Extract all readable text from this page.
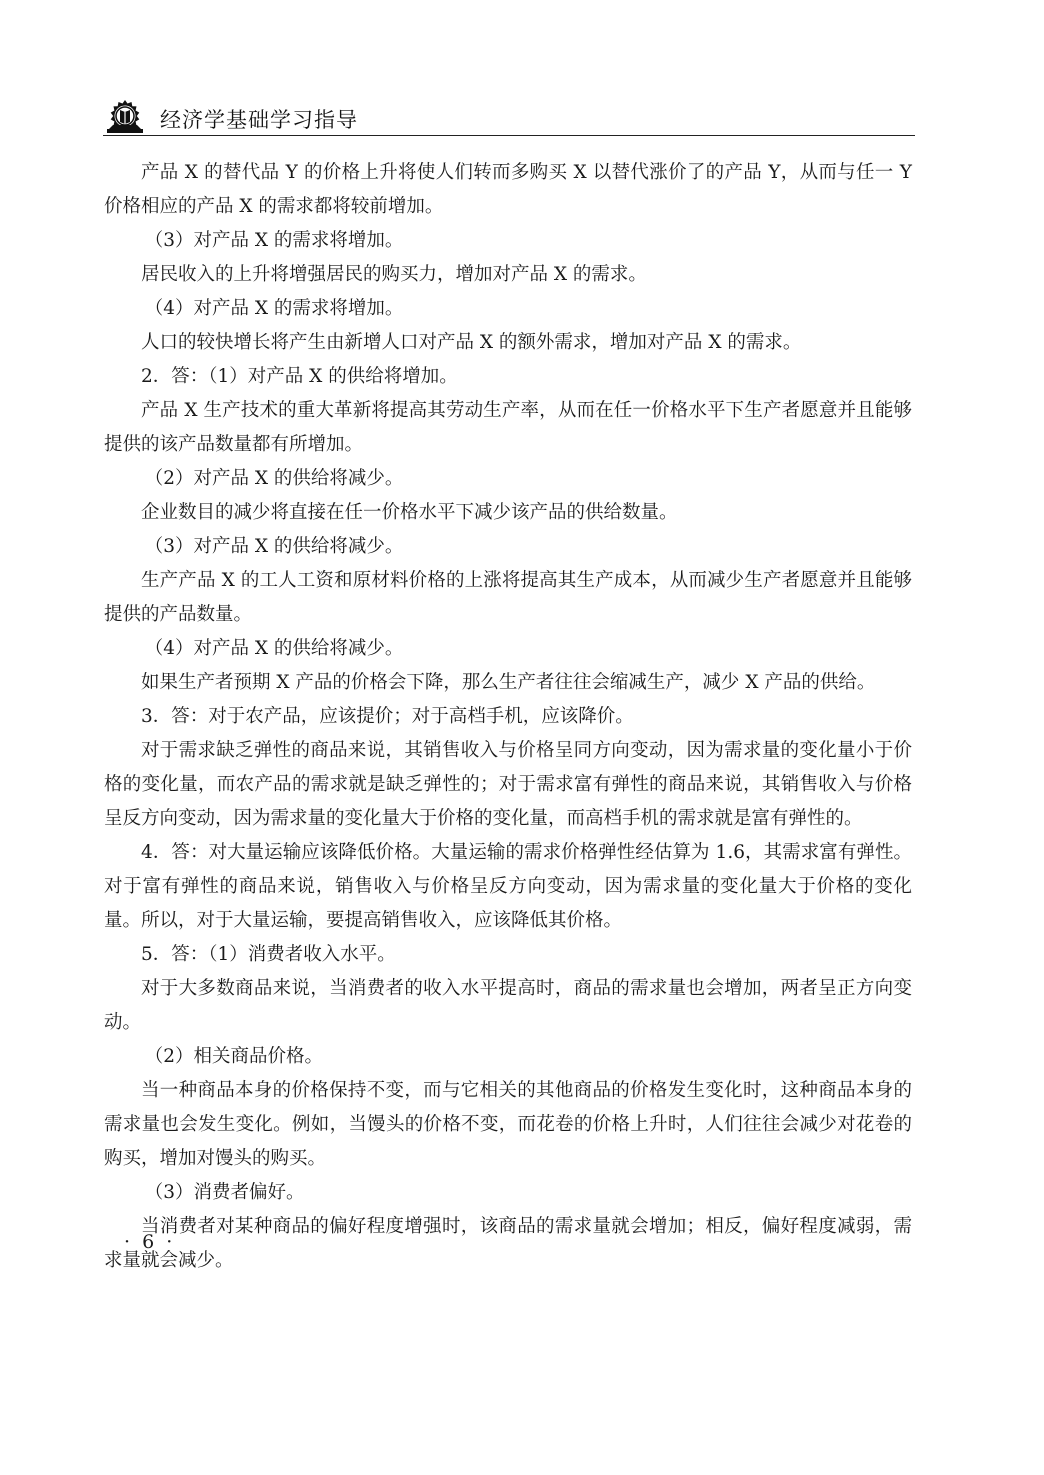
经济学基础学习指导

产品 X 的替代品 Y 的价格上升将使人们转而多购买 X 以替代涨价了的产品 Y，从而与任一 Y 价格相应的产品 X 的需求都将较前增加。

（3）对产品 X 的需求将增加。

居民收入的上升将增强居民的购买力，增加对产品 X 的需求。

（4）对产品 X 的需求将增加。

人口的较快增长将产生由新增人口对产品 X 的额外需求，增加对产品 X 的需求。

2．答：（1）对产品 X 的供给将增加。

产品 X 生产技术的重大革新将提高其劳动生产率，从而在任一价格水平下生产者愿意并且能够提供的该产品数量都有所增加。

（2）对产品 X 的供给将减少。

企业数目的减少将直接在任一价格水平下减少该产品的供给数量。

（3）对产品 X 的供给将减少。

生产产品 X 的工人工资和原材料价格的上涨将提高其生产成本，从而减少生产者愿意并且能够提供的产品数量。

（4）对产品 X 的供给将减少。

如果生产者预期 X 产品的价格会下降，那么生产者往往会缩减生产，减少 X 产品的供给。

3．答：对于农产品，应该提价；对于高档手机，应该降价。

对于需求缺乏弹性的商品来说，其销售收入与价格呈同方向变动，因为需求量的变化量小于价格的变化量，而农产品的需求就是缺乏弹性的；对于需求富有弹性的商品来说，其销售收入与价格呈反方向变动，因为需求量的变化量大于价格的变化量，而高档手机的需求就是富有弹性的。

4．答：对大量运输应该降低价格。大量运输的需求价格弹性经估算为 1.6，其需求富有弹性。对于富有弹性的商品来说，销售收入与价格呈反方向变动，因为需求量的变化量大于价格的变化量。所以，对于大量运输，要提高销售收入，应该降低其价格。

5．答：（1）消费者收入水平。

对于大多数商品来说，当消费者的收入水平提高时，商品的需求量也会增加，两者呈正方向变动。

（2）相关商品价格。

当一种商品本身的价格保持不变，而与它相关的其他商品的价格发生变化时，这种商品本身的需求量也会发生变化。例如，当馒头的价格不变，而花卷的价格上升时，人们往往会减少对花卷的购买，增加对馒头的购买。

（3）消费者偏好。

当消费者对某种商品的偏好程度增强时，该商品的需求量就会增加；相反，偏好程度减弱，需求量就会减少。

· 6 ·
